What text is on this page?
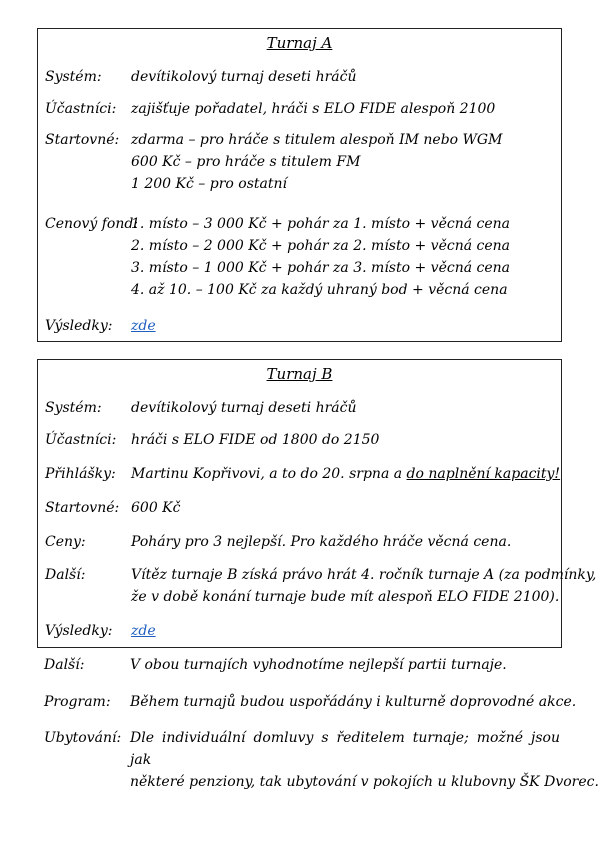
Turnaj A
Systém: devítikolový turnaj deseti hráčů
Účastníci: zajišťuje pořadatel, hráči s ELO FIDE alespoň 2100
Startovné: zdarma – pro hráče s titulem alespoň IM nebo WGM
600 Kč – pro hráče s titulem FM
1 200 Kč – pro ostatní
Cenový fond:
1. místo – 3 000 Kč + pohár za 1. místo + věcná cena
2. místo – 2 000 Kč + pohár za 2. místo + věcná cena
3. místo – 1 000 Kč + pohár za 3. místo + věcná cena
4. až 10. – 100 Kč za každý uhraný bod + věcná cena
Výsledky: zde
Turnaj B
Systém: devítikolový turnaj deseti hráčů
Účastníci: hráči s ELO FIDE od 1800 do 2150
Přihlášky: Martinu Kopřivovi, a to do 20. srpna a do naplnění kapacity!
Startovné: 600 Kč
Ceny:	Poháry pro 3 nejlepší. Pro každého hráče věcná cena.
Další:	Vítěz turnaje B získá právo hrát 4. ročník turnaje A (za podmínky,
že v době konání turnaje bude mít alespoň ELO FIDE 2100).
Výsledky: zde
Další:	V obou turnajích vyhodnotíme nejlepší partii turnaje.
Program: Během turnajů budou uspořádány i kulturně doprovodné akce.
Ubytování: Dle individuální domluvy s ředitelem turnaje; možné jsou jak
některé penziony, tak ubytování v pokojích u klubovny ŠK Dvorec.
